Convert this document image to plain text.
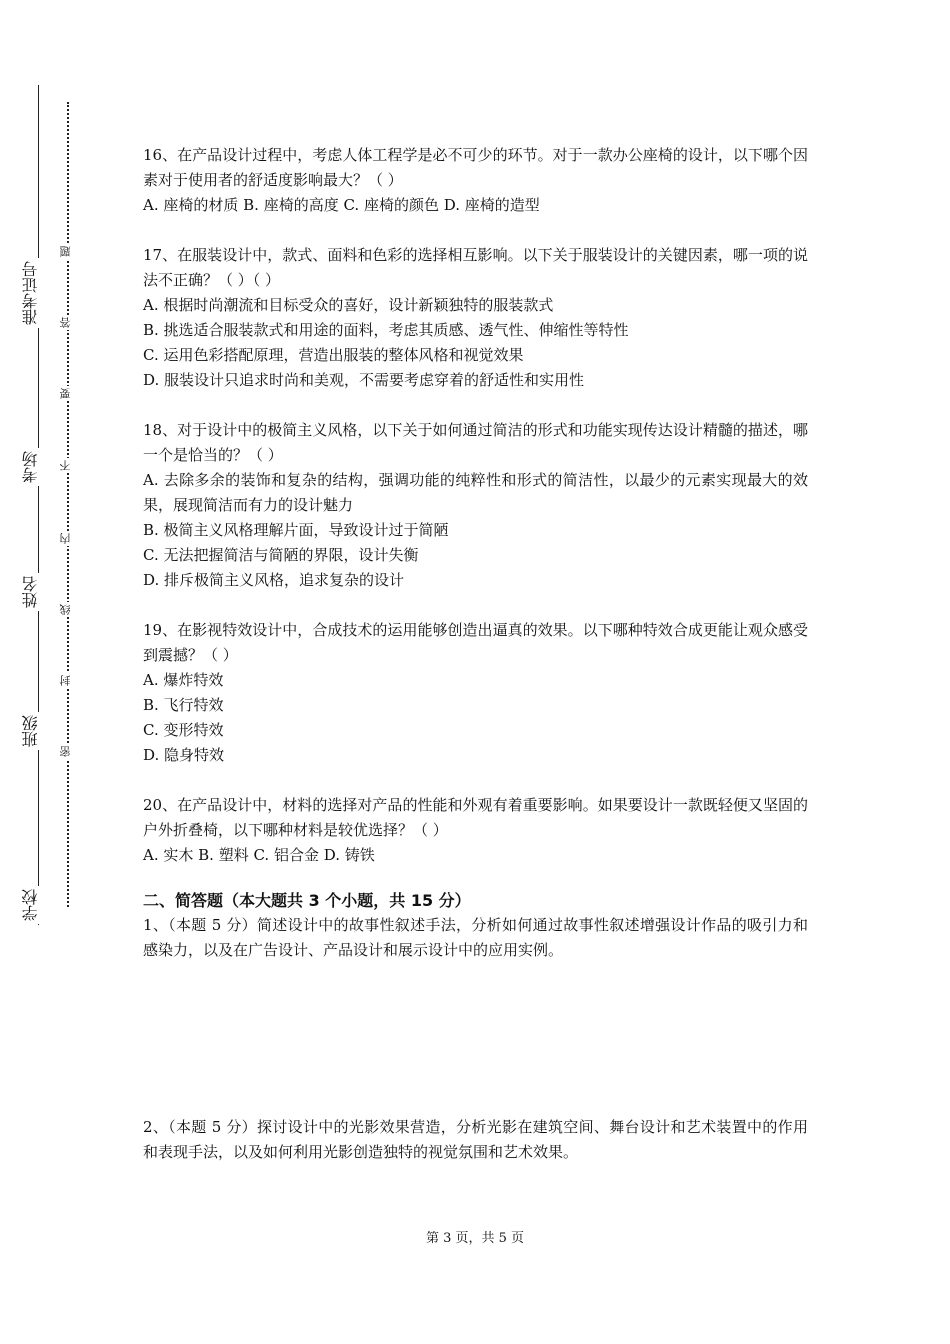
准考证号
考场
姓名
班级
学校
题
答
要
不
内
线
封
密

16、在产品设计过程中，考虑人体工程学是必不可少的环节。对于一款办公座椅的设计，以下哪个因素对于使用者的舒适度影响最大？（ ）

A. 座椅的材质 B. 座椅的高度 C. 座椅的颜色 D. 座椅的造型

17、在服装设计中，款式、面料和色彩的选择相互影响。以下关于服装设计的关键因素，哪一项的说法不正确？（ ）（ ）

A. 根据时尚潮流和目标受众的喜好，设计新颖独特的服装款式

B. 挑选适合服装款式和用途的面料，考虑其质感、透气性、伸缩性等特性

C. 运用色彩搭配原理，营造出服装的整体风格和视觉效果

D. 服装设计只追求时尚和美观，不需要考虑穿着的舒适性和实用性

18、对于设计中的极简主义风格，以下关于如何通过简洁的形式和功能实现传达设计精髓的描述，哪一个是恰当的？（ ）

A. 去除多余的装饰和复杂的结构，强调功能的纯粹性和形式的简洁性，以最少的元素实现最大的效果，展现简洁而有力的设计魅力

B. 极简主义风格理解片面，导致设计过于简陋

C. 无法把握简洁与简陋的界限，设计失衡

D. 排斥极简主义风格，追求复杂的设计

19、在影视特效设计中，合成技术的运用能够创造出逼真的效果。以下哪种特效合成更能让观众感受到震撼？（ ）

A. 爆炸特效

B. 飞行特效

C. 变形特效

D. 隐身特效

20、在产品设计中，材料的选择对产品的性能和外观有着重要影响。如果要设计一款既轻便又坚固的户外折叠椅，以下哪种材料是较优选择？（ ）

A. 实木 B. 塑料 C. 铝合金 D. 铸铁

二、简答题（本大题共 3 个小题，共 15 分）

1、（本题 5 分）简述设计中的故事性叙述手法，分析如何通过故事性叙述增强设计作品的吸引力和感染力，以及在广告设计、产品设计和展示设计中的应用实例。

2、（本题 5 分）探讨设计中的光影效果营造，分析光影在建筑空间、舞台设计和艺术装置中的作用和表现手法，以及如何利用光影创造独特的视觉氛围和艺术效果。

第 3 页，共 5 页
